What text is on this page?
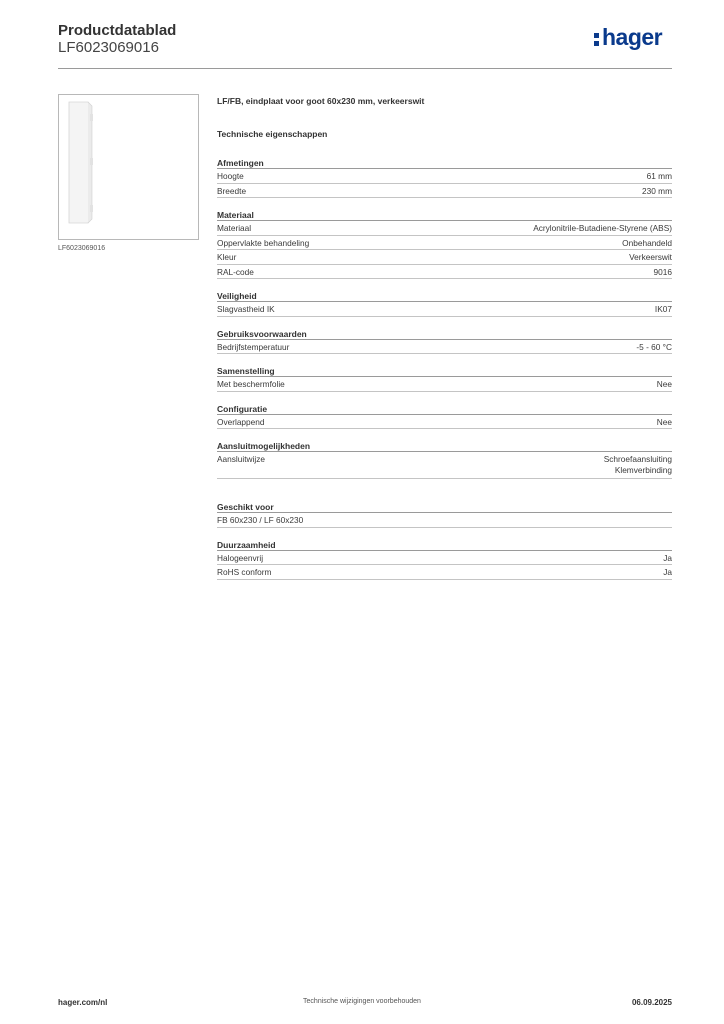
Productdatablad
LF6023069016	hager
LF6023069016
LF/FB, eindplaat voor goot 60x230 mm, verkeerswit
Technische eigenschappen
Afmetingen
Hoogte	61 mm
Breedte	230 mm
Materiaal
Materiaal	Acrylonitrile-Butadiene-Styrene (ABS)
Oppervlakte behandeling	Onbehandeld
Kleur	Verkeerswit
RAL-code	9016
Veiligheid
Slagvastheid IK	IK07
Gebruiksvoorwaarden
Bedrijfstemperatuur	-5 - 60 °C
Samenstelling
Met beschermfolie	Nee
Configuratie
Overlappend	Nee
Aansluitmogelijkheden
Aansluitwijze	Schroefaansluiting
Klemverbinding
Geschikt voor
FB 60x230 / LF 60x230
Duurzaamheid
Halogeenvrij	Ja
RoHS conform	Ja
hager.com/nl	Technische wijzigingen voorbehouden	06.09.2025
